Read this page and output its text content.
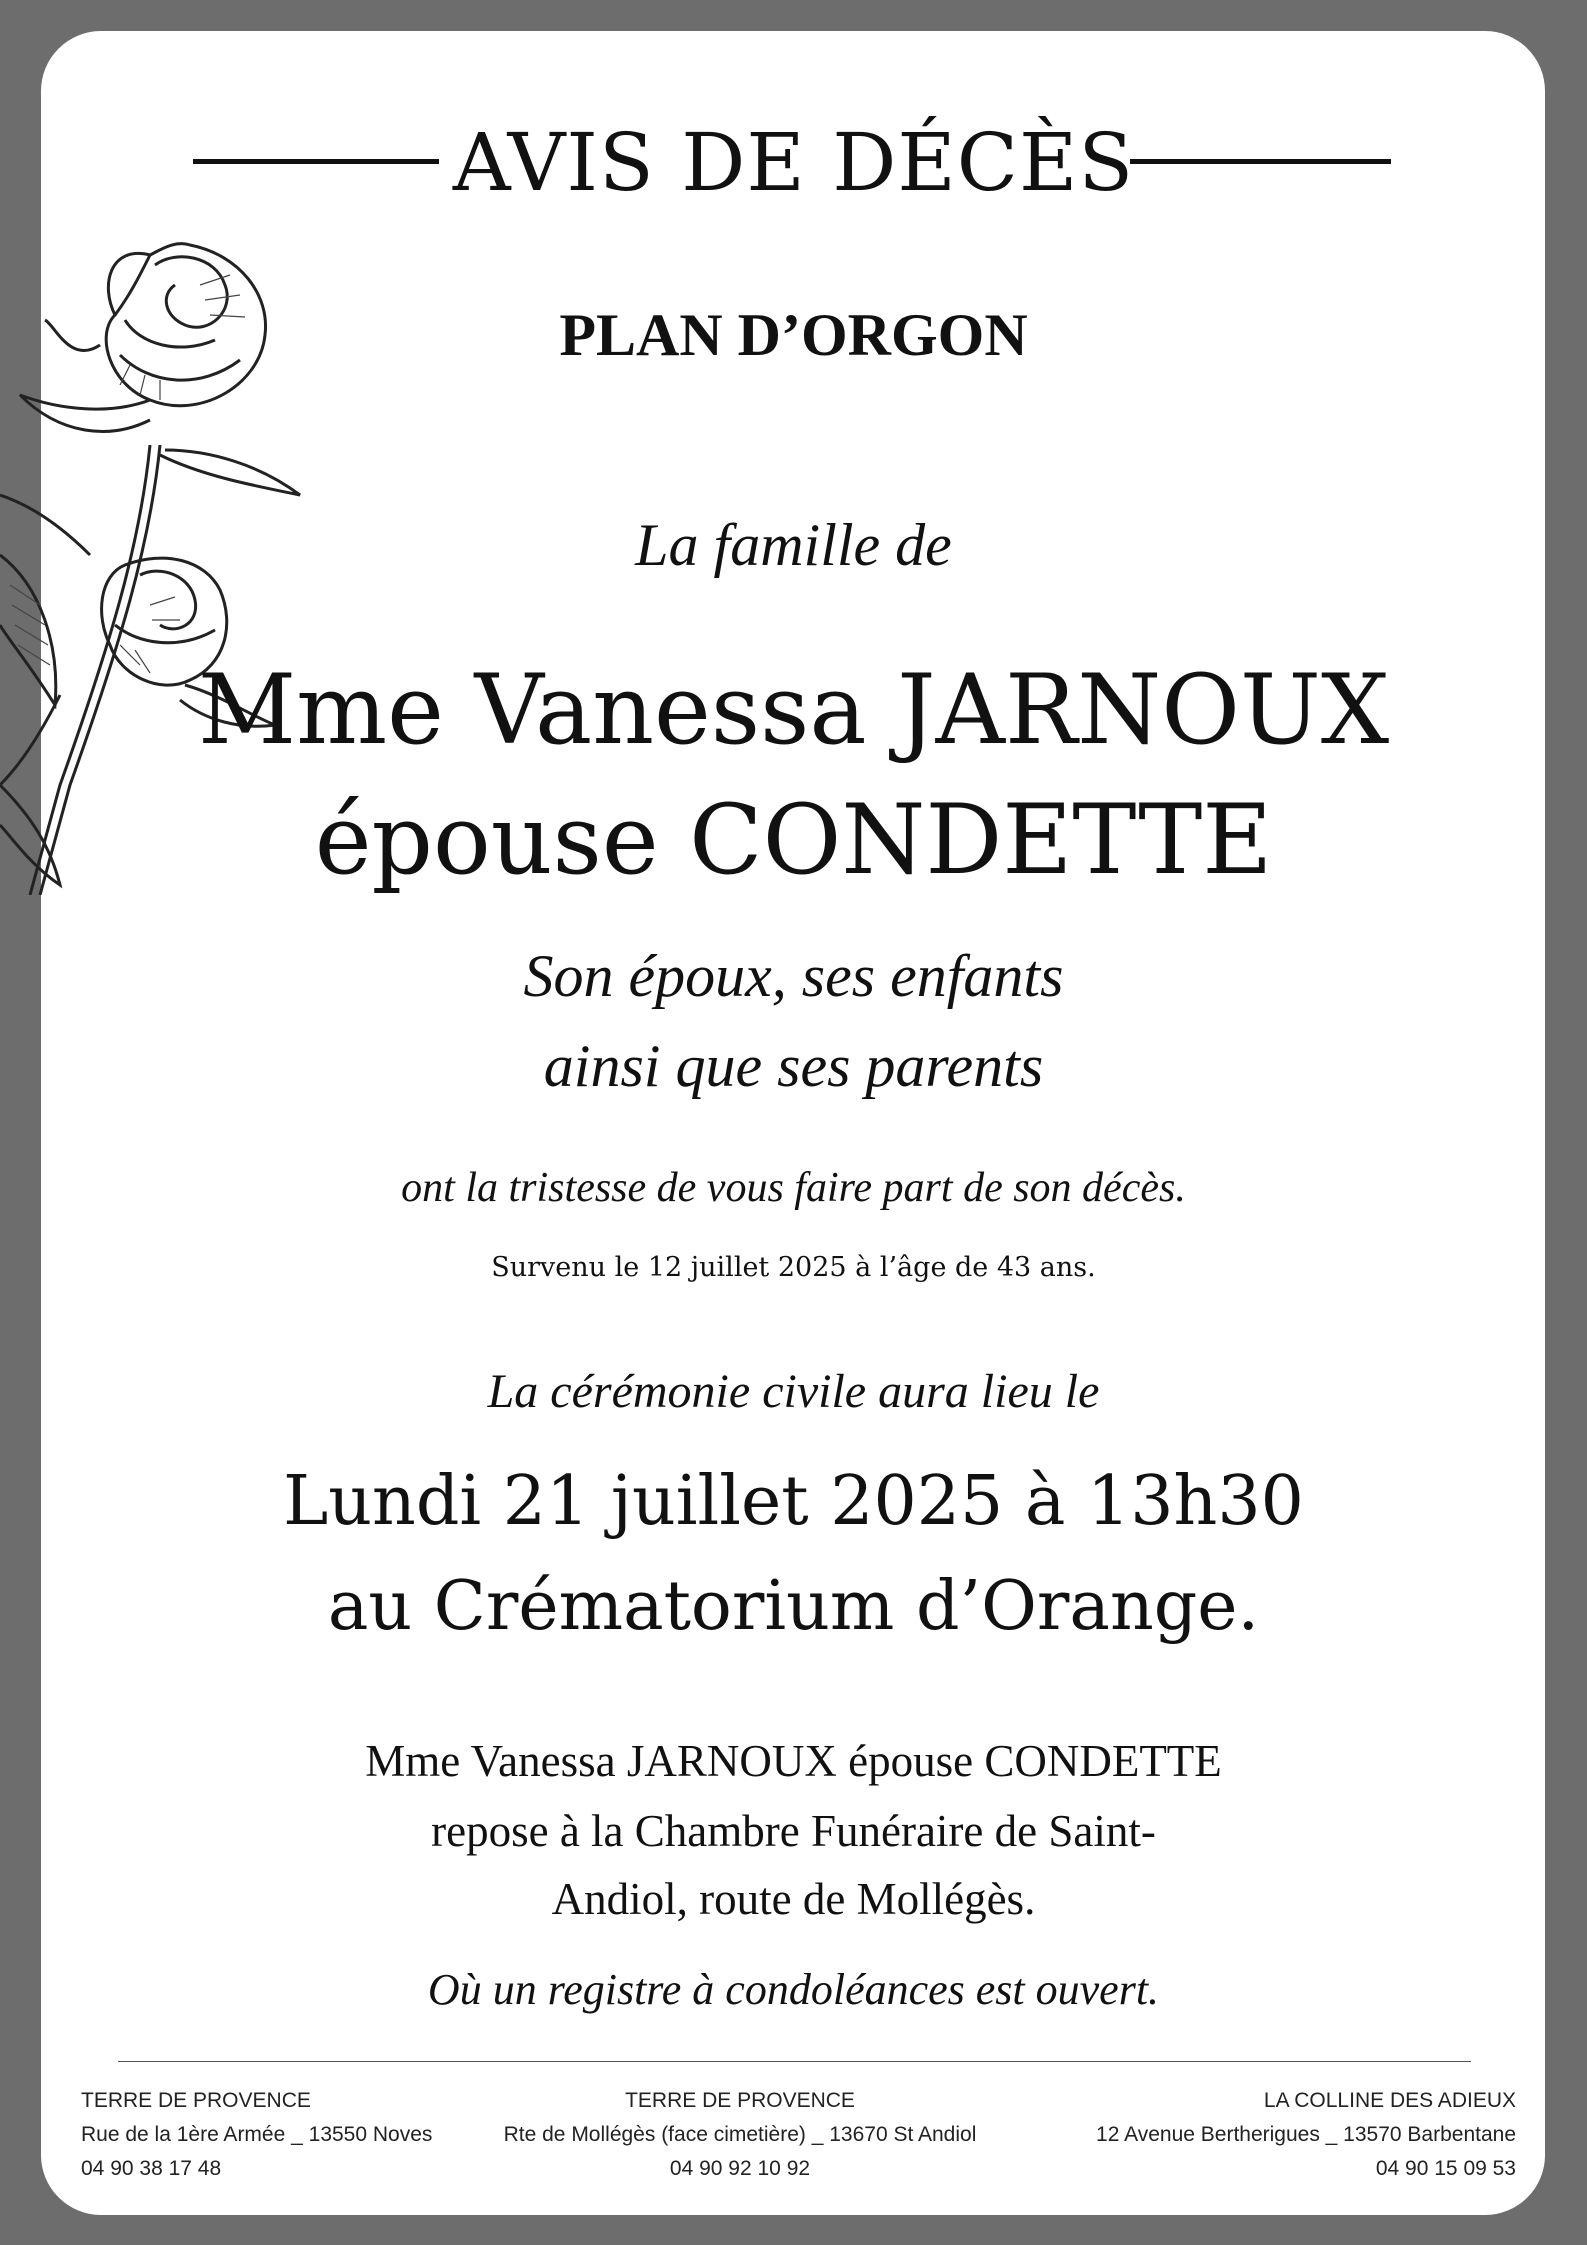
AVIS DE DÉCÈS
PLAN D’ORGON
La famille de
Mme Vanessa JARNOUX
épouse CONDETTE
Son époux, ses enfants
ainsi que ses parents
ont la tristesse de vous faire part de son décès.
Survenu le 12 juillet 2025 à l’âge de 43 ans.
La cérémonie civile aura lieu le
Lundi 21 juillet 2025 à 13h30
au Crématorium d’Orange.
Mme Vanessa JARNOUX épouse CONDETTE
repose à la Chambre Funéraire de Saint-
Andiol, route de Mollégès.
Où un registre à condoléances est ouvert.
TERRE DE PROVENCE
Rue de la 1ère Armée _ 13550 Noves
04 90 38 17 48
TERRE DE PROVENCE
Rte de Mollégès (face cimetière) _ 13670 St Andiol
04 90 92 10 92
LA COLLINE DES ADIEUX
12 Avenue Bertherigues _ 13570 Barbentane
04 90 15 09 53
